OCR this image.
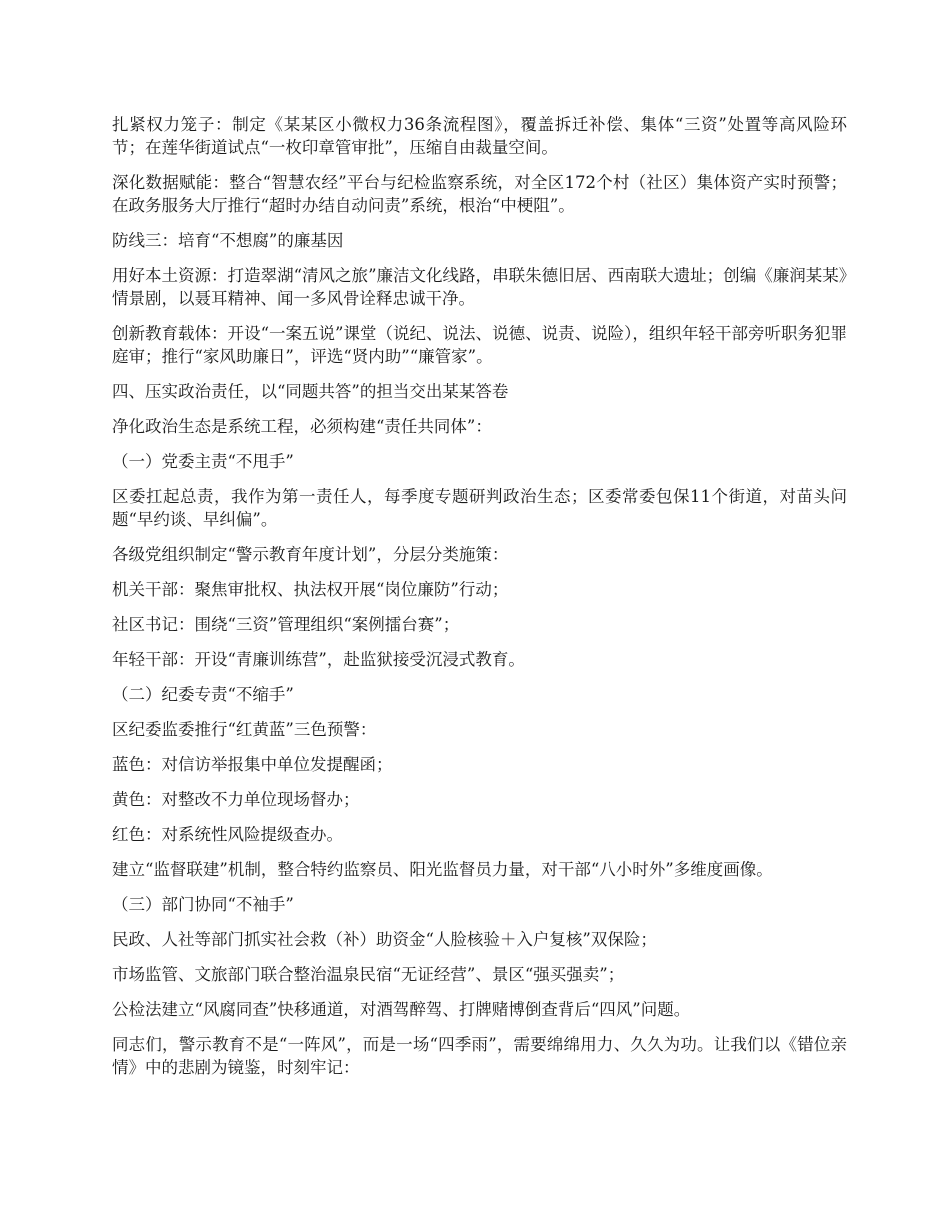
扎紧权力笼子：制定《某某区小微权力36条流程图》，覆盖拆迁补偿、集体“三资”处置等高风险环节；在莲华街道试点“一枚印章管审批”，压缩自由裁量空间。

深化数据赋能：整合“智慧农经”平台与纪检监察系统，对全区172个村（社区）集体资产实时预警；在政务服务大厅推行“超时办结自动问责”系统，根治“中梗阻”。

防线三：培育“不想腐”的廉基因

用好本土资源：打造翠湖“清风之旅”廉洁文化线路，串联朱德旧居、西南联大遗址；创编《廉润某某》情景剧，以聂耳精神、闻一多风骨诠释忠诚干净。

创新教育载体：开设“一案五说”课堂（说纪、说法、说德、说责、说险），组织年轻干部旁听职务犯罪庭审；推行“家风助廉日”，评选“贤内助”“廉管家”。

四、压实政治责任，以“同题共答”的担当交出某某答卷

净化政治生态是系统工程，必须构建“责任共同体”：

（一）党委主责“不甩手”

区委扛起总责，我作为第一责任人，每季度专题研判政治生态；区委常委包保11个街道，对苗头问题“早约谈、早纠偏”。

各级党组织制定“警示教育年度计划”，分层分类施策：

机关干部：聚焦审批权、执法权开展“岗位廉防”行动；

社区书记：围绕“三资”管理组织“案例擂台赛”；

年轻干部：开设“青廉训练营”，赴监狱接受沉浸式教育。

（二）纪委专责“不缩手”

区纪委监委推行“红黄蓝”三色预警：

蓝色：对信访举报集中单位发提醒函；

黄色：对整改不力单位现场督办；

红色：对系统性风险提级查办。

建立“监督联建”机制，整合特约监察员、阳光监督员力量，对干部“八小时外”多维度画像。

（三）部门协同“不袖手”

民政、人社等部门抓实社会救（补）助资金“人脸核验＋入户复核”双保险；

市场监管、文旅部门联合整治温泉民宿“无证经营”、景区“强买强卖”；

公检法建立“风腐同查”快移通道，对酒驾醉驾、打牌赌博倒查背后“四风”问题。

同志们，警示教育不是“一阵风”，而是一场“四季雨”，需要绵绵用力、久久为功。让我们以《错位亲情》中的悲剧为镜鉴，时刻牢记：
